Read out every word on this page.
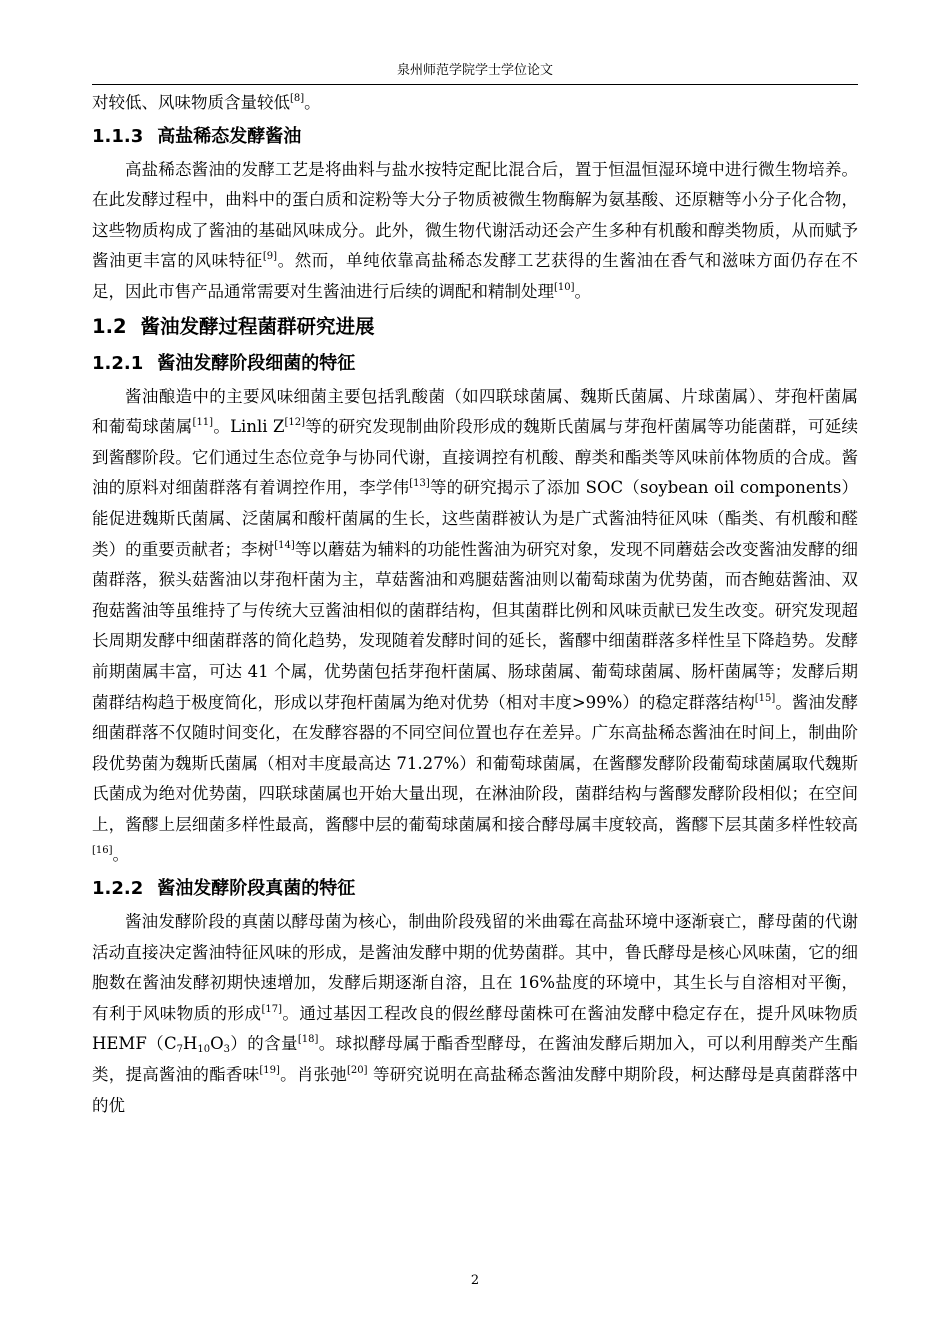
泉州师范学院学士学位论文

对较低、风味物质含量较低[8]。

1.1.3 高盐稀态发酵酱油

高盐稀态酱油的发酵工艺是将曲料与盐水按特定配比混合后，置于恒温恒湿环境中进行微生物培养。在此发酵过程中，曲料中的蛋白质和淀粉等大分子物质被微生物酶解为氨基酸、还原糖等小分子化合物，这些物质构成了酱油的基础风味成分。此外，微生物代谢活动还会产生多种有机酸和醇类物质，从而赋予酱油更丰富的风味特征[9]。然而，单纯依靠高盐稀态发酵工艺获得的生酱油在香气和滋味方面仍存在不足，因此市售产品通常需要对生酱油进行后续的调配和精制处理[10]。

1.2 酱油发酵过程菌群研究进展
1.2.1 酱油发酵阶段细菌的特征

酱油酿造中的主要风味细菌主要包括乳酸菌（如四联球菌属、魏斯氏菌属、片球菌属）、芽孢杆菌属和葡萄球菌属[11]。Linli Z[12]等的研究发现制曲阶段形成的魏斯氏菌属与芽孢杆菌属等功能菌群，可延续到酱醪阶段。它们通过生态位竞争与协同代谢，直接调控有机酸、醇类和酯类等风味前体物质的合成。酱油的原料对细菌群落有着调控作用，李学伟[13]等的研究揭示了添加 SOC（soybean oil components）能促进魏斯氏菌属、泛菌属和酸杆菌属的生长，这些菌群被认为是广式酱油特征风味（酯类、有机酸和醛类）的重要贡献者；李树[14]等以蘑菇为辅料的功能性酱油为研究对象，发现不同蘑菇会改变酱油发酵的细菌群落，猴头菇酱油以芽孢杆菌为主，草菇酱油和鸡腿菇酱油则以葡萄球菌为优势菌，而杏鲍菇酱油、双孢菇酱油等虽维持了与传统大豆酱油相似的菌群结构，但其菌群比例和风味贡献已发生改变。研究发现超长周期发酵中细菌群落的简化趋势，发现随着发酵时间的延长，酱醪中细菌群落多样性呈下降趋势。发酵前期菌属丰富，可达 41 个属，优势菌包括芽孢杆菌属、肠球菌属、葡萄球菌属、肠杆菌属等；发酵后期菌群结构趋于极度简化，形成以芽孢杆菌属为绝对优势（相对丰度>99%）的稳定群落结构[15]。酱油发酵细菌群落不仅随时间变化，在发酵容器的不同空间位置也存在差异。广东高盐稀态酱油在时间上，制曲阶段优势菌为魏斯氏菌属（相对丰度最高达 71.27%）和葡萄球菌属，在酱醪发酵阶段葡萄球菌属取代魏斯氏菌成为绝对优势菌，四联球菌属也开始大量出现，在淋油阶段，菌群结构与酱醪发酵阶段相似；在空间上，酱醪上层细菌多样性最高，酱醪中层的葡萄球菌属和接合酵母属丰度较高，酱醪下层其菌多样性较高[16]。

1.2.2 酱油发酵阶段真菌的特征

酱油发酵阶段的真菌以酵母菌为核心，制曲阶段残留的米曲霉在高盐环境中逐渐衰亡，酵母菌的代谢活动直接决定酱油特征风味的形成，是酱油发酵中期的优势菌群。其中，鲁氏酵母是核心风味菌，它的细胞数在酱油发酵初期快速增加，发酵后期逐渐自溶，且在 16%盐度的环境中，其生长与自溶相对平衡，有利于风味物质的形成[17]。通过基因工程改良的假丝酵母菌株可在酱油发酵中稳定存在，提升风味物质 $HEMF(C_7H_{10}O_3)$的含量[18]。球拟酵母属于酯香型酵母，在酱油发酵后期加入，可以利用醇类产生酯类，提高酱油的酯香味[19]。肖张弛[20] 等研究说明在高盐稀态酱油发酵中期阶段，柯达酵母是真菌群落中的优

2
